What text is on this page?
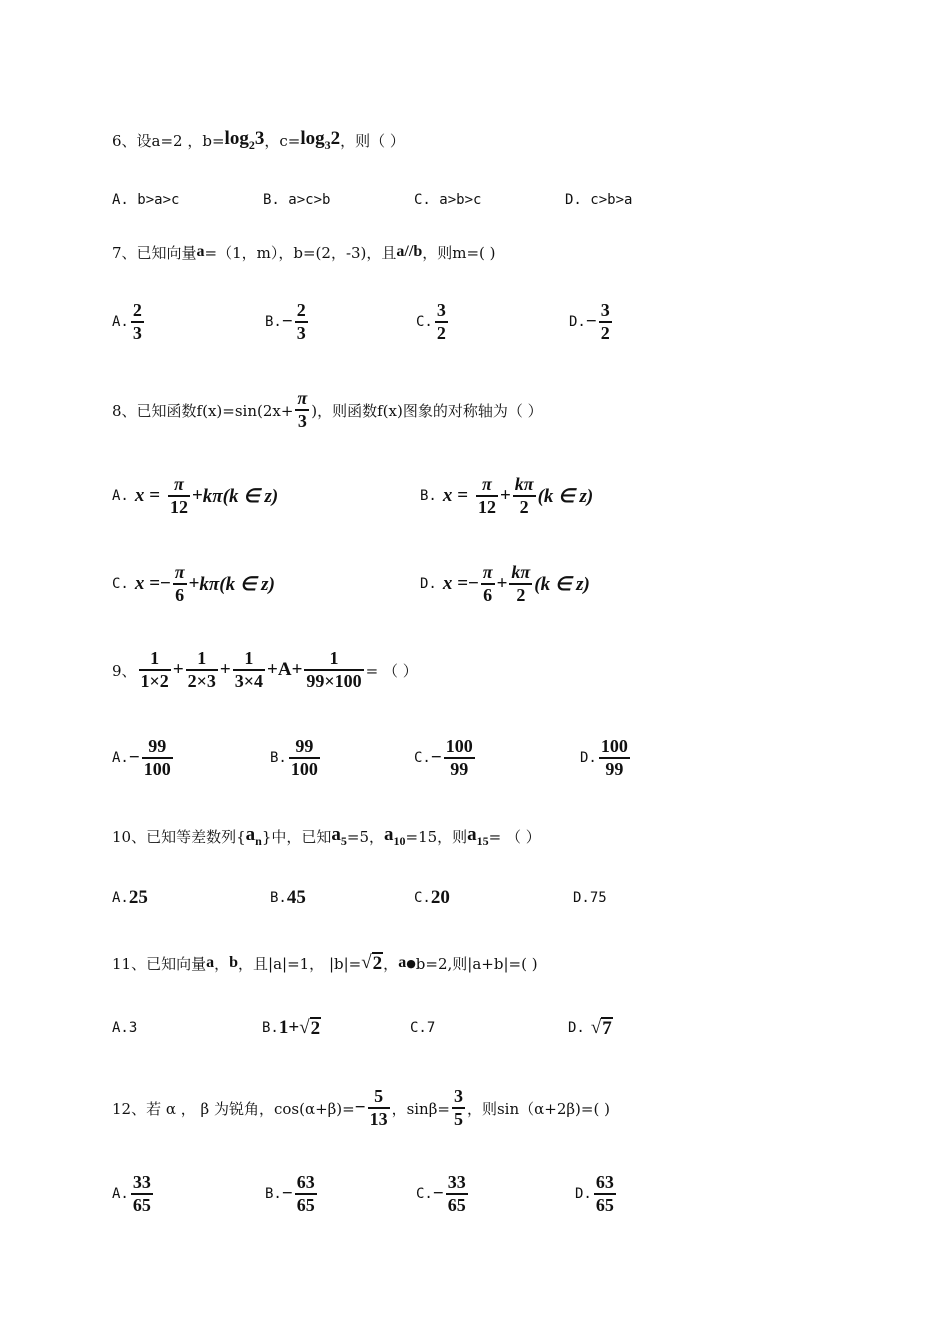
6、设a=2 ，$b= \log_23$ ，$c= \log_32$ ，则（ ）
A. b>a>c	B. a>c>b	C. a>b>c	D. c>b>a
7、已知向量 a =（1，m），b=(2，-3)，且 a//b ，则m=( )
A. $\frac{2}{3}$	B. − $\frac{2}{3}$	C. $\frac{3}{2}$	D. − $\frac{3}{2}$
8、已知函数$f(x)=\sin(2x+ \frac{\pi}{3}$ )，则函数f(x)图象的对称轴为（ ）
A. $x = \frac{\pi}{12} + k\pi(k$ ∈ z)	B. $x = \frac{\pi}{12} + \frac{k\pi}{2} (k$ ∈ z)
C. x = − $\frac{\pi}{6} + k\pi(k$ ∈ z)	D. x = − $\frac{\pi}{6} + \frac{k\pi}{2} (k$ ∈ z)
9、 $\frac{1}{1\times 2} + \frac{1}{2\times 3} + \frac{1}{3\times 4} + A + \frac{1}{99\times 100}$ = （ ）
A. − $\frac{99}{100}$	B. $\frac{99}{100}$	C. − $\frac{100}{99}$	D. $\frac{100}{99}$
10、已知等差数列{ $a_n$ }中，已知 $a_5 =5$， $a_{10} =15$，则 $a_{15}$ = （ ）
A. 25	B. 45	C. 20	D. 75
11、已知向量 a ， b ，且|a|=1， |b|= √ 2 ， a ● b=2,则|a+b|=( )
A. 3	B. 1+ √ 2	C. 7	D. √ 7
12、若 α ， β 为锐角，$\cos(\alpha+\beta)= - \frac{5}{13}$ ，$\sin\beta= \frac{3}{5}$ ，则sin（α+2β)=( )
A. $\frac{33}{65}$	B. − $\frac{63}{65}$	C. − $\frac{33}{65}$	D. $\frac{63}{65}$
